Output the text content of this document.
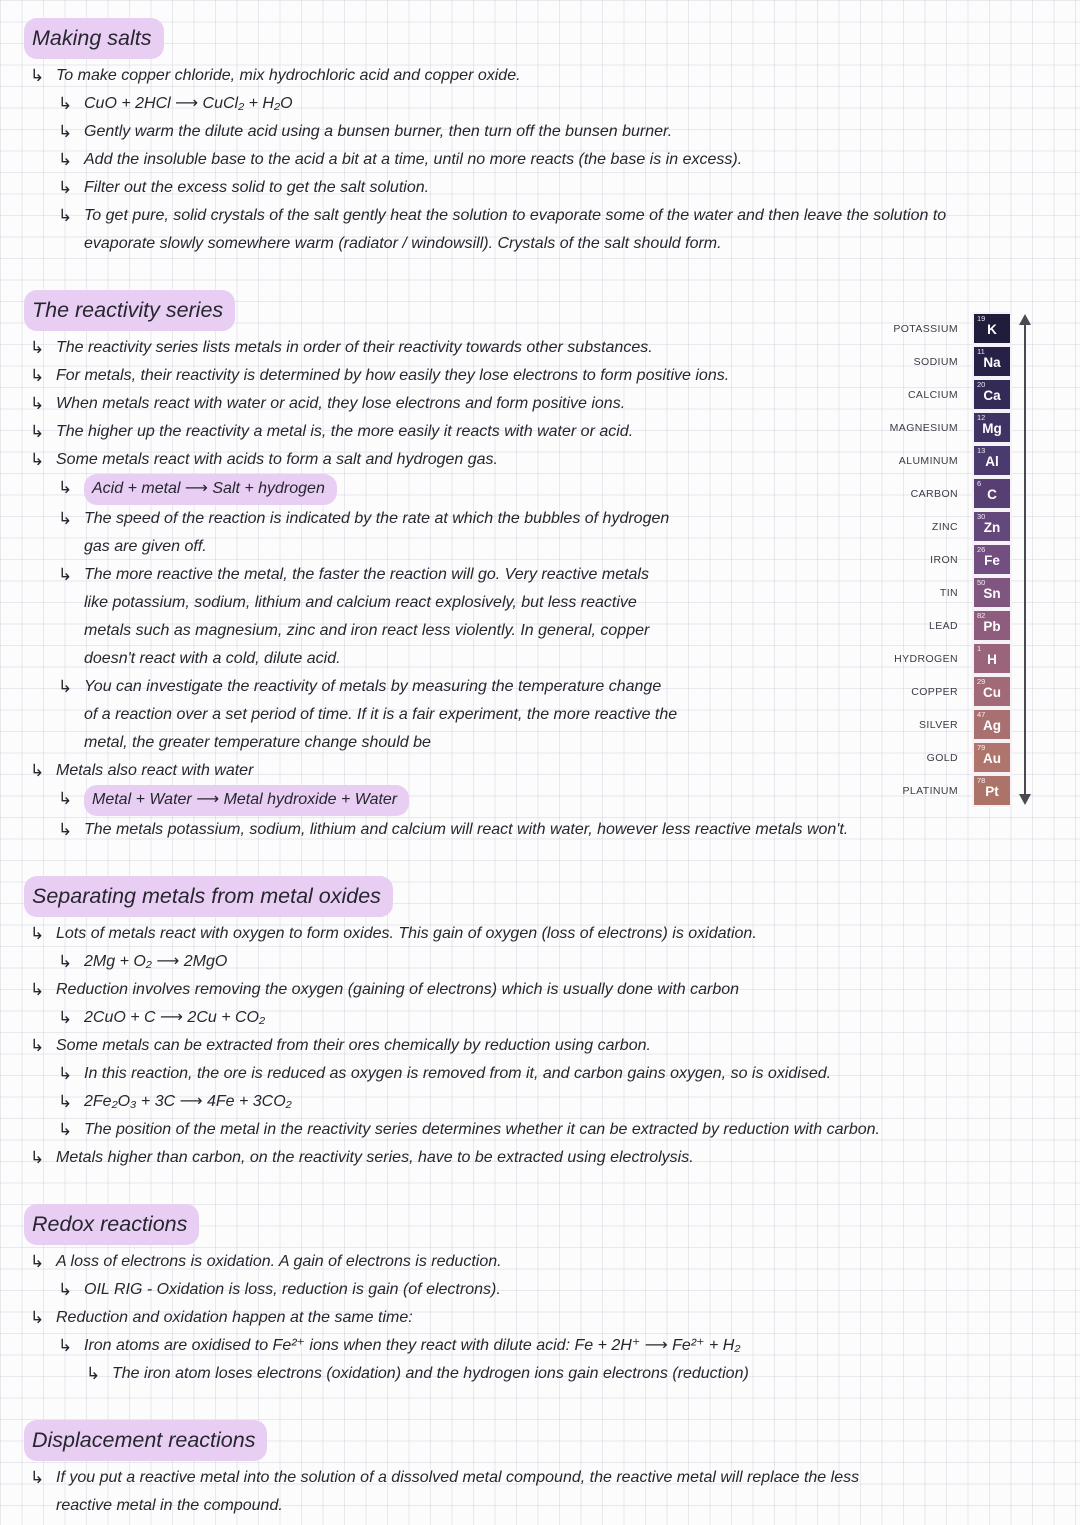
Making salts
↳ To make copper chloride, mix hydrochloric acid and copper oxide.
↳ CuO + 2HCl ⟶ CuCl₂ + H₂O
↳ Gently warm the dilute acid using a bunsen burner, then turn off the bunsen burner.
↳ Add the insoluble base to the acid a bit at a time, until no more reacts (the base is in excess).
↳ Filter out the excess solid to get the salt solution.
↳ To get pure, solid crystals of the salt gently heat the solution to evaporate some of the water and then leave the solution to
evaporate slowly somewhere warm (radiator / windowsill). Crystals of the salt should form.
The reactivity series
↳ The reactivity series lists metals in order of their reactivity towards other substances.
↳ For metals, their reactivity is determined by how easily they lose electrons to form positive ions.
↳ When metals react with water or acid, they lose electrons and form positive ions.
↳ The higher up the reactivity a metal is, the more easily it reacts with water or acid.
↳ Some metals react with acids to form a salt and hydrogen gas.
↳	Acid + metal ⟶ Salt + hydrogen
↳ The speed of the reaction is indicated by the rate at which the bubbles of hydrogen
gas are given off.
↳ The more reactive the metal, the faster the reaction will go. Very reactive metals
like potassium, sodium, lithium and calcium react explosively, but less reactive
metals such as magnesium, zinc and iron react less violently. In general, copper
doesn't react with a cold, dilute acid.
↳ You can investigate the reactivity of metals by measuring the temperature change
of a reaction over a set period of time. If it is a fair experiment, the more reactive the
metal, the greater temperature change should be
↳ Metals also react with water
↳	Metal + Water ⟶ Metal hydroxide + Water
↳ The metals potassium, sodium, lithium and calcium will react with water, however less reactive metals won't.
Separating metals from metal oxides
↳ Lots of metals react with oxygen to form oxides. This gain of oxygen (loss of electrons) is oxidation.
↳ 2Mg + O₂ ⟶ 2MgO
↳ Reduction involves removing the oxygen (gaining of electrons) which is usually done with carbon
↳ 2CuO + C ⟶ 2Cu + CO₂
↳ Some metals can be extracted from their ores chemically by reduction using carbon.
↳ In this reaction, the ore is reduced as oxygen is removed from it, and carbon gains oxygen, so is oxidised.
↳ 2Fe₂O₃ + 3C ⟶ 4Fe + 3CO₂
↳ The position of the metal in the reactivity series determines whether it can be extracted by reduction with carbon.
↳ Metals higher than carbon, on the reactivity series, have to be extracted using electrolysis.
Redox reactions
↳ A loss of electrons is oxidation. A gain of electrons is reduction.
↳ OIL RIG - Oxidation is loss, reduction is gain (of electrons).
↳ Reduction and oxidation happen at the same time:
↳ Iron atoms are oxidised to Fe²⁺ ions when they react with dilute acid: Fe + 2H⁺ ⟶ Fe²⁺ + H₂
↳ The iron atom loses electrons (oxidation) and the hydrogen ions gain electrons (reduction)
Displacement reactions
↳ If you put a reactive metal into the solution of a dissolved metal compound, the reactive metal will replace the less
reactive metal in the compound.
POTASSIUM
19
K
SODIUM
11
Na
CALCIUM
20
Ca
MAGNESIUM
12
Mg
ALUMINUM
13
Al
CARBON
6
C
ZINC
30
Zn
IRON
26
Fe
TIN
50
Sn
LEAD
82
Pb
HYDROGEN
1
H
COPPER
29
Cu
SILVER
47
Ag
GOLD
79
Au
PLATINUM
78
Pt
